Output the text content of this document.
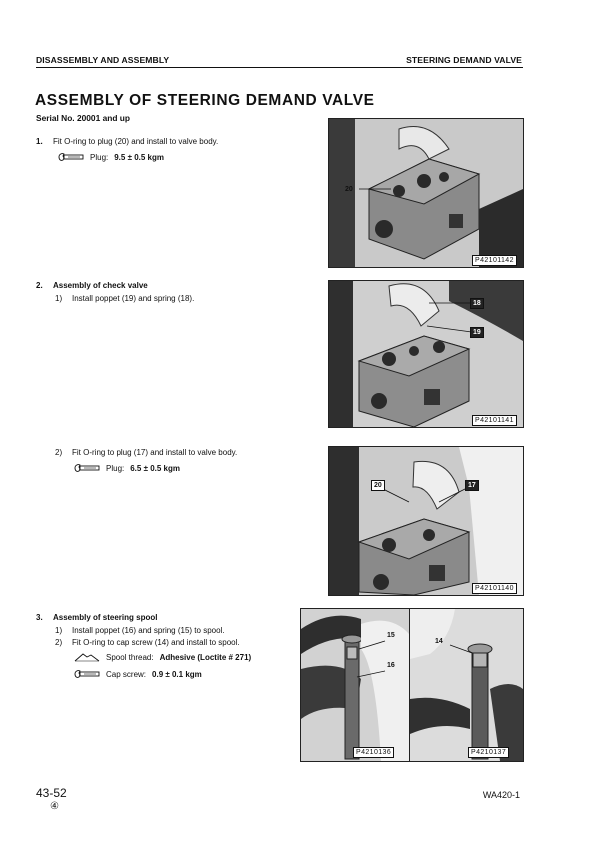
DISASSEMBLY AND ASSEMBLY	STEERING DEMAND VALVE
ASSEMBLY OF STEERING DEMAND VALVE
Serial No. 20001 and up
1. Fit O-ring to plug (20) and install to valve body.
Plug: 9.5 ± 0.5 kgm
20
P42101142
2. Assembly of check valve
1) Install poppet (19) and spring (18).
18
19
P42101141
2) Fit O-ring to plug (17) and install to valve body.
Plug: 6.5 ± 0.5 kgm
20	17
P42101140
3. Assembly of steering spool
1) Install poppet (16) and spring (15) to spool.
2) Fit O-ring to cap screw (14) and install to spool.
Spool thread: Adhesive (Loctite # 271)
Cap screw: 0.9 ± 0.1 kgm
15
16
P4210136
14
P4210137
43-52
④
WA420-1
